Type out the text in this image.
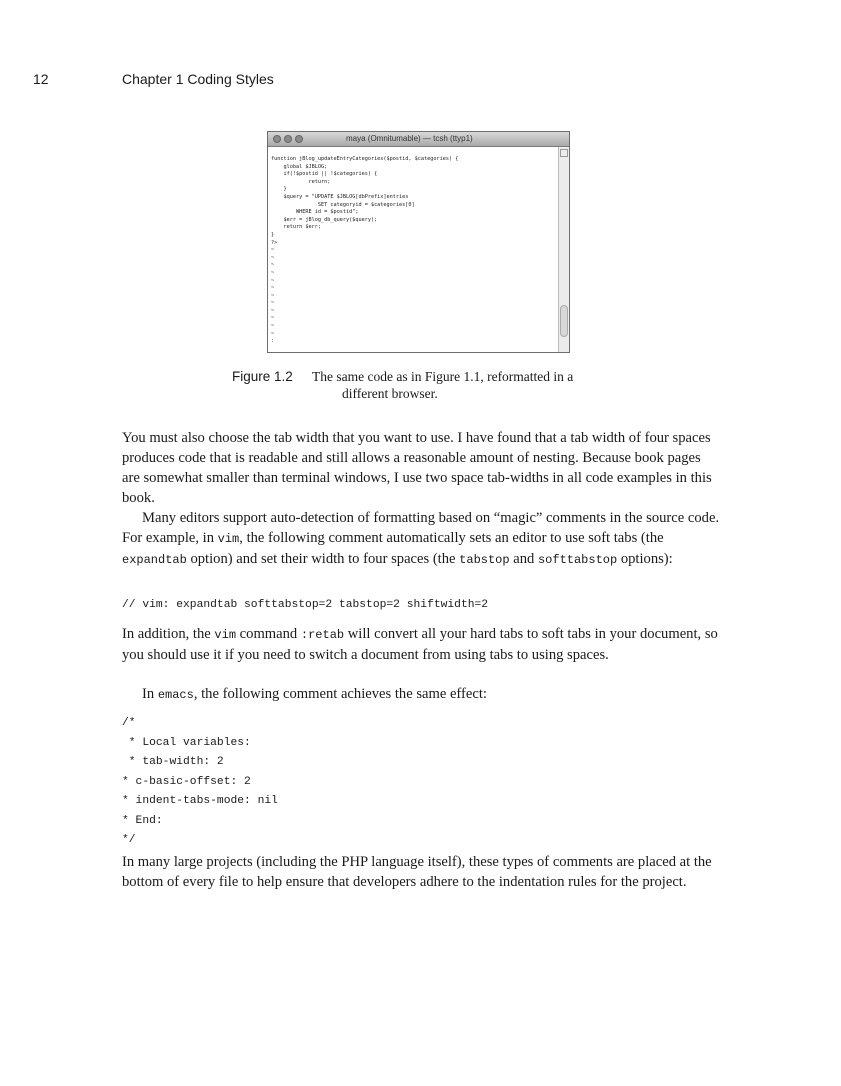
12	Chapter 1 Coding Styles
maya (Omnitumable) — tcsh (ttyp1)
function jBlog_updateEntryCategories($postid, $categories) {
global $JBLOG;
if(!$postid || !$categories) {
return;
}
$query = "UPDATE $JBLOG[dbPrefix]entries
SET categoryid = $categories[0]
WHERE id = $postid";
$err = jBlog_db_query($query);
return $err;
}
?>
~
~
~
~
~
~
~
~
~
~
~
~
:
Figure 1.2 The same code as in Figure 1.1, reformatted in a
different browser.

You must also choose the tab width that you want to use. I have found that a tab width of four spaces produces code that is readable and still allows a reasonable amount of nesting. Because book pages are somewhat smaller than terminal windows, I use two space tab-widths in all code examples in this book.

Many editors support auto-detection of formatting based on “magic” comments in the source code. For example, in vim, the following comment automatically sets an editor to use soft tabs (the expandtab option) and set their width to four spaces (the tabstop and softtabstop options):

// vim: expandtab softtabstop=2 tabstop=2 shiftwidth=2

In addition, the vim command :retab will convert all your hard tabs to soft tabs in your document, so you should use it if you need to switch a document from using tabs to using spaces.

In emacs, the following comment achieves the same effect:

/*
* Local variables:
* tab-width: 2
* c-basic-offset: 2
* indent-tabs-mode: nil
* End:
*/

In many large projects (including the PHP language itself), these types of comments are placed at the bottom of every file to help ensure that developers adhere to the indentation rules for the project.
